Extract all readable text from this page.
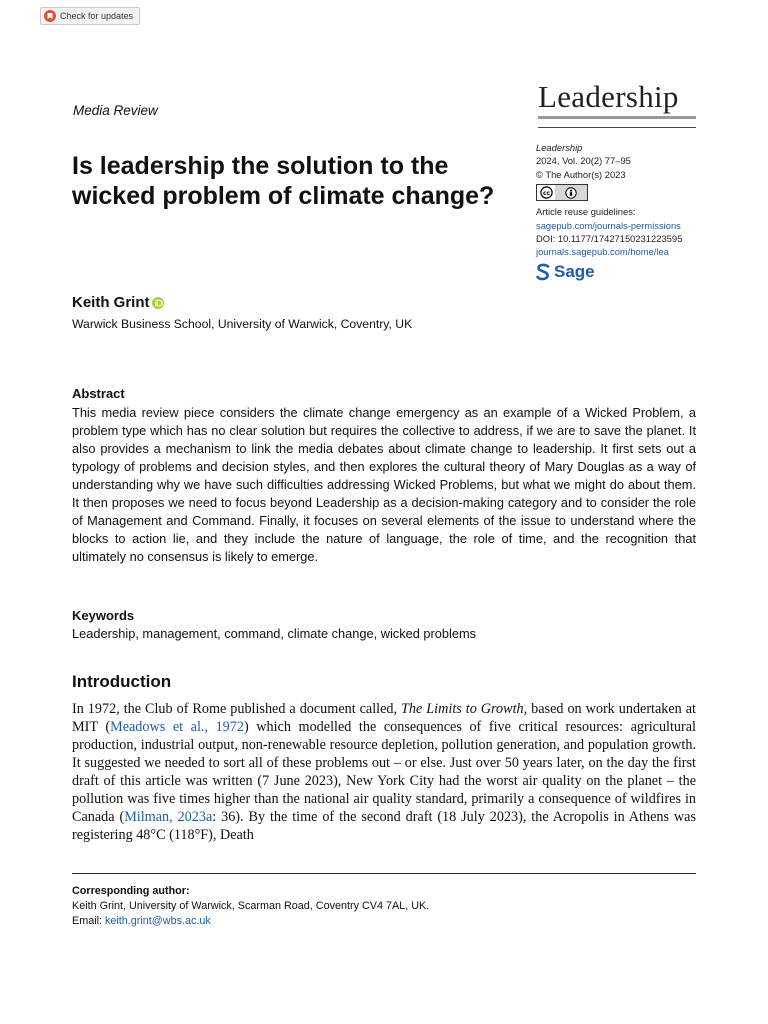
Check for updates
Media Review	Leadership
Is leadership the solution to the wicked problem of climate change?
Leadership
2024, Vol. 20(2) 77–95
© The Author(s) 2023
cc
Article reuse guidelines:
sagepub.com/journals-permissions
DOI: 10.1177/17427150231223595
journals.sagepub.com/home/lea
Sage
Keith Grint
Warwick Business School, University of Warwick, Coventry, UK
Abstract
This media review piece considers the climate change emergency as an example of a Wicked Problem, a problem type which has no clear solution but requires the collective to address, if we are to save the planet. It also provides a mechanism to link the media debates about climate change to leadership. It first sets out a typology of problems and decision styles, and then explores the cultural theory of Mary Douglas as a way of understanding why we have such difficulties addressing Wicked Problems, but what we might do about them. It then proposes we need to focus beyond Leadership as a decision-making category and to consider the role of Management and Command. Finally, it focuses on several elements of the issue to understand where the blocks to action lie, and they include the nature of language, the role of time, and the recognition that ultimately no consensus is likely to emerge.
Keywords
Leadership, management, command, climate change, wicked problems
Introduction
In 1972, the Club of Rome published a document called, The Limits to Growth, based on work undertaken at MIT (Meadows et al., 1972) which modelled the consequences of five critical resources: agricultural production, industrial output, non-renewable resource depletion, pollution generation, and population growth. It suggested we needed to sort all of these problems out – or else. Just over 50 years later, on the day the first draft of this article was written (7 June 2023), New York City had the worst air quality on the planet – the pollution was five times higher than the national air quality standard, primarily a consequence of wildfires in Canada (Milman, 2023a: 36). By the time of the second draft (18 July 2023), the Acropolis in Athens was registering 48°C (118°F), Death
Corresponding author:
Keith Grint, University of Warwick, Scarman Road, Coventry CV4 7AL, UK.
Email: keith.grint@wbs.ac.uk
